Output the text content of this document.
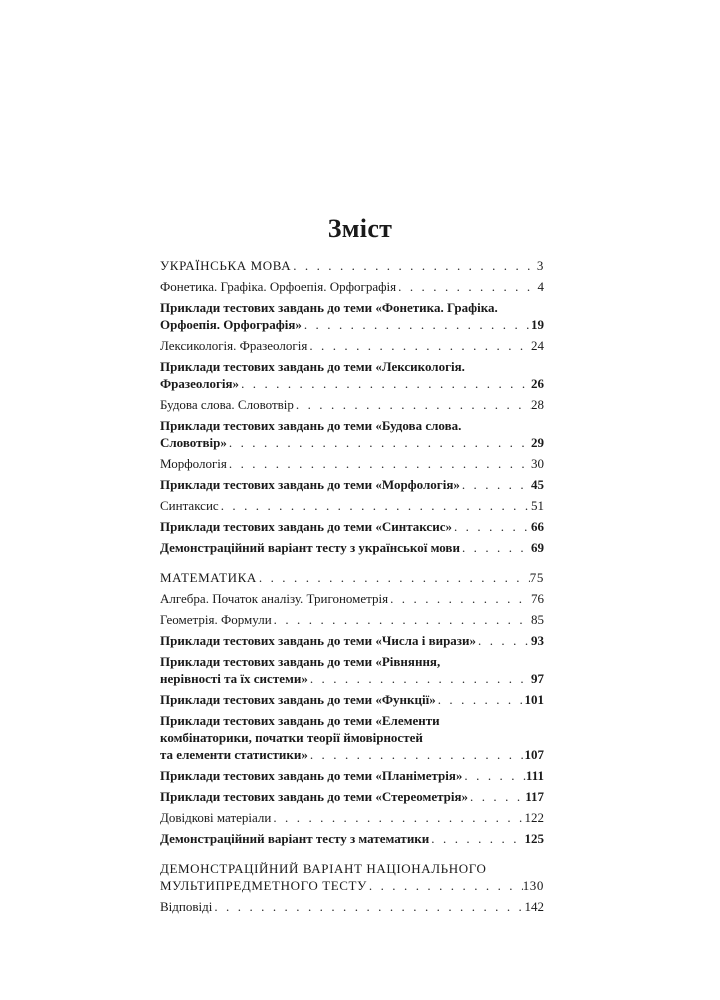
Зміст
УКРАЇНСЬКА МОВА . . .	3
Фонетика. Графіка. Орфоепія. Орфографія . . .	4
Приклади тестових завдань до теми «Фонетика. Графіка.
Орфоепія. Орфографія» . . .	19
Лексикологія. Фразеологія . . .	24
Приклади тестових завдань до теми «Лексикологія.
Фразеологія» . . .	26
Будова слова. Словотвір . . .	28
Приклади тестових завдань до теми «Будова слова.
Словотвір» . . .	29
Морфологія . . .	30
Приклади тестових завдань до теми «Морфологія» . . .	45
Синтаксис . . .	51
Приклади тестових завдань до теми «Синтаксис» . . .	66
Демонстраційний варіант тесту з української мови . . .	69
МАТЕМАТИКА . . .	75
Алгебра. Початок аналізу. Тригонометрія . . .	76
Геометрія. Формули . . .	85
Приклади тестових завдань до теми «Числа і вирази» . . .	93
Приклади тестових завдань до теми «Рівняння,
нерівності та їх системи» . . .	97
Приклади тестових завдань до теми «Функції» . . .	101
Приклади тестових завдань до теми «Елементи
комбінаторики, початки теорії ймовірностей
та елементи статистики» . . .	107
Приклади тестових завдань до теми «Планіметрія» . . .	111
Приклади тестових завдань до теми «Стереометрія» . . .	117
Довідкові матеріали . . .	122
Демонстраційний варіант тесту з математики . . .	125
ДЕМОНСТРАЦІЙНИЙ ВАРІАНТ НАЦІОНАЛЬНОГО
МУЛЬТИПРЕДМЕТНОГО ТЕСТУ . . .	130
Відповіді . . .	142
